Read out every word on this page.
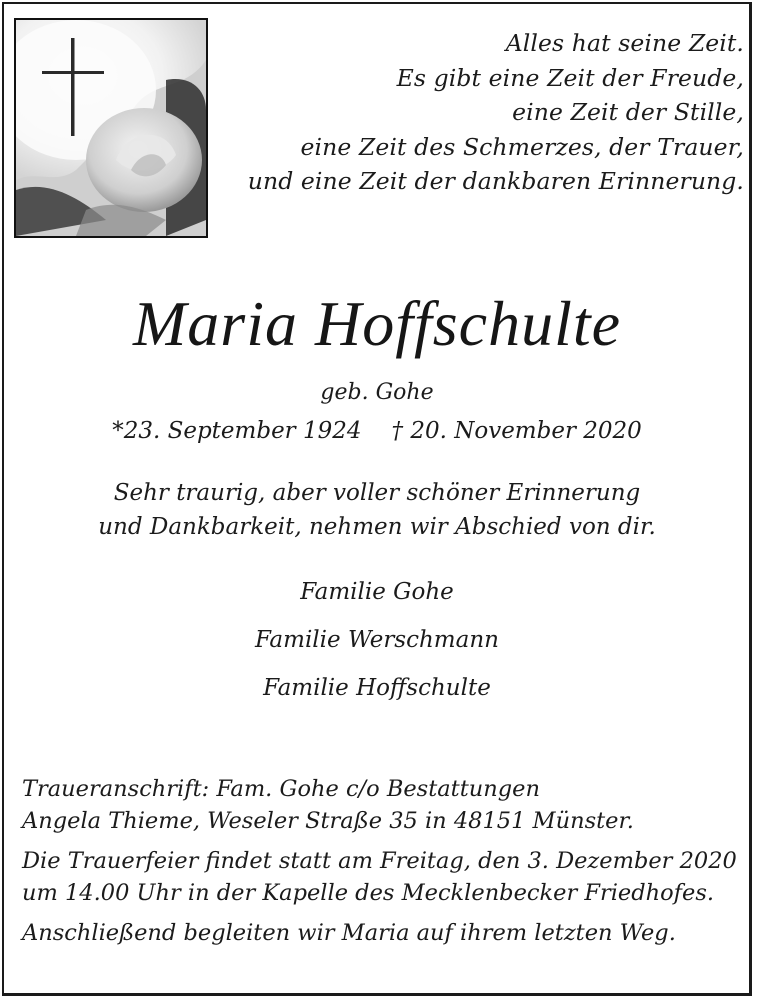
Alles hat seine Zeit.
Es gibt eine Zeit der Freude,
eine Zeit der Stille,
eine Zeit des Schmerzes, der Trauer,
und eine Zeit der dankbaren Erinnerung.
Maria Hoffschulte
geb. Gohe
*23. September 1924 † 20. November 2020
Sehr traurig, aber voller schöner Erinnerung
und Dankbarkeit, nehmen wir Abschied von dir.
Familie Gohe
Familie Werschmann
Familie Hoffschulte
Traueranschrift: Fam. Gohe c/o Bestattungen
Angela Thieme, Weseler Straße 35 in 48151 Münster.
Die Trauerfeier findet statt am Freitag, den 3. Dezember 2020
um 14.00 Uhr in der Kapelle des Mecklenbecker Friedhofes.
Anschließend begleiten wir Maria auf ihrem letzten Weg.
